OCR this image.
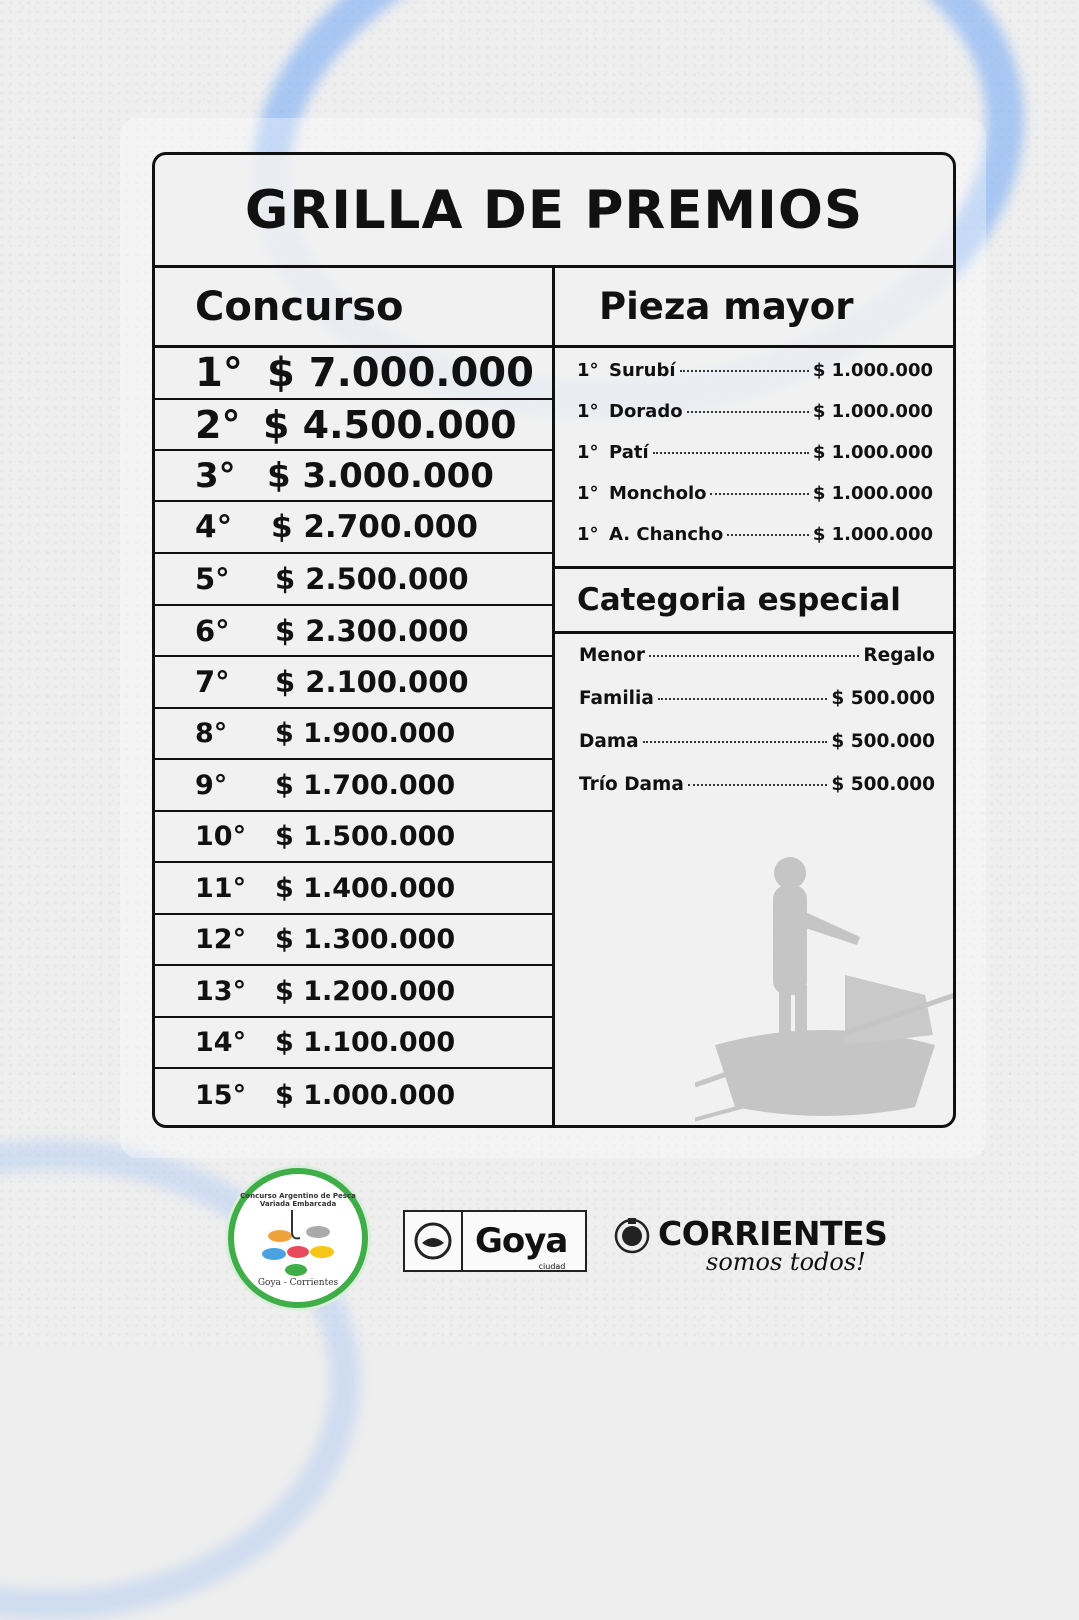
GRILLA DE PREMIOS
Concurso	Pieza mayor
1° $ 7.000.000
2° $ 4.500.000
3° $ 3.000.000
4°	$ 2.700.000
5°	$ 2.500.000
6°	$ 2.300.000
7°	$ 2.100.000
8°	$ 1.900.000
9°	$ 1.700.000
10°	$ 1.500.000
11°	$ 1.400.000
12°	$ 1.300.000
13°	$ 1.200.000
14°	$ 1.100.000
15°	$ 1.000.000
1° Surubí	$ 1.000.000
1° Dorado	$ 1.000.000
1° Patí	$ 1.000.000
1° Moncholo	$ 1.000.000
1° A. Chancho	$ 1.000.000
Categoria especial
Menor	Regalo
Familia	$ 500.000
Dama	$ 500.000
Trío Dama	$ 500.000
Concurso Argentino de Pesca Variada Embarcada
Goya - Corrientes
Goya
ciudad
CORRIENTES
somos todos!
